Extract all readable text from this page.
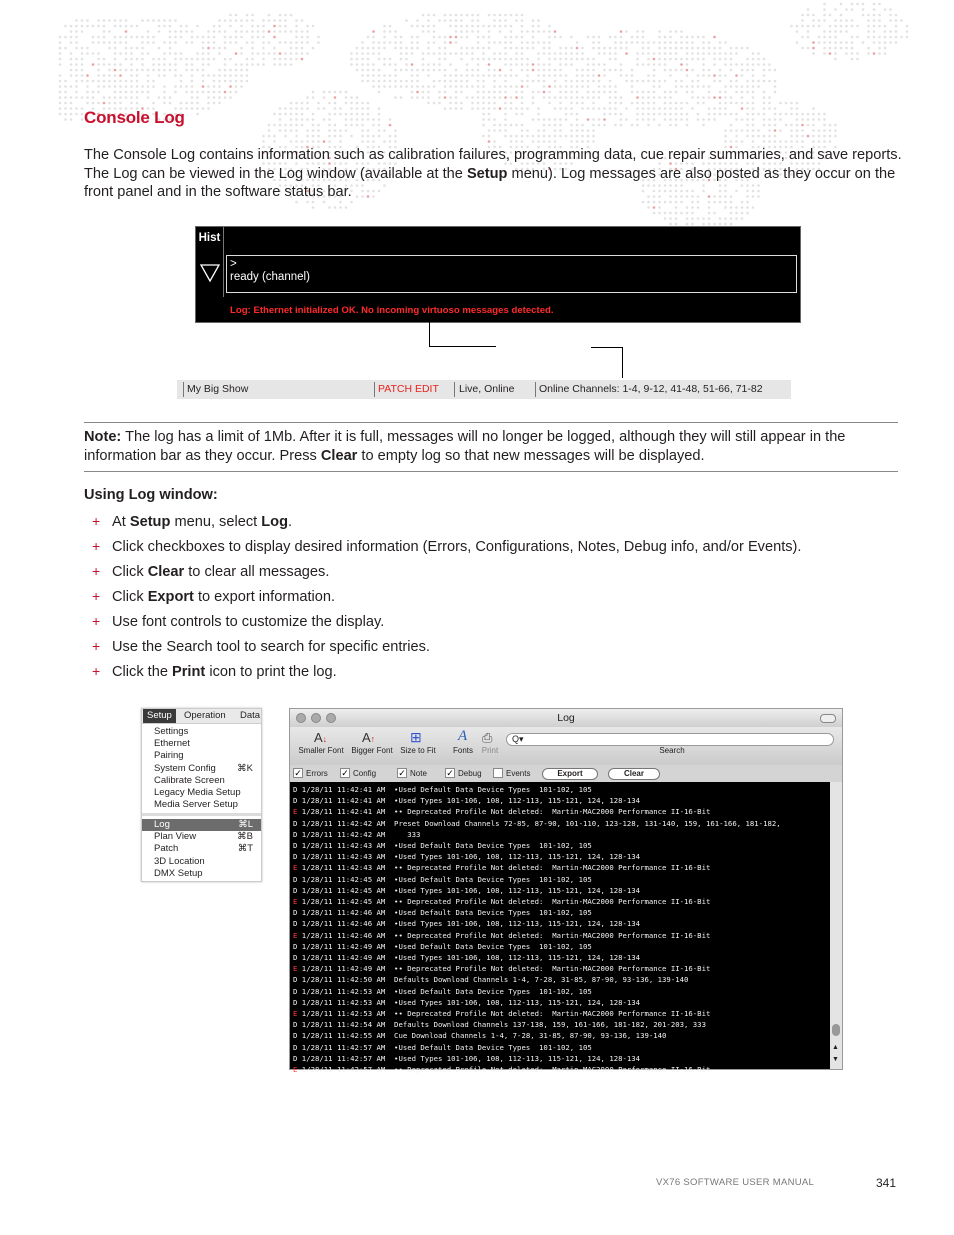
Console Log
The Console Log contains information such as calibration failures, programming data, cue repair summaries, and save reports. The Log can be viewed in the Log window (available at the Setup menu). Log messages are also posted as they occur on the front panel and in the software status bar.
Hist
>
ready (channel)
Log: Ethernet initialized OK. No incoming virtuoso messages detected.
My Big Show	PATCH EDIT Live, Online Online Channels: 1-4, 9-12, 41-48, 51-66, 71-82
Note: The log has a limit of 1Mb. After it is full, messages will no longer be logged, although they will still appear in the information bar as they occur. Press Clear to empty log so that new messages will be displayed.
Using Log window:
+ At Setup menu, select Log.
+ Click checkboxes to display desired information (Errors, Configurations, Notes, Debug info, and/or Events).
+ Click Clear to clear all messages.
+ Click Export to export information.
+ Use font controls to customize the display.
+ Use the Search tool to search for specific entries.
+ Click the Print icon to print the log.
Setup	Operation Data
Settings
Ethernet
Pairing
System Config ⌘K
Calibrate Screen
Legacy Media Setup
Media Server Setup
Log	⌘L
Plan View	⌘B
Patch	⌘T
3D Location
DMX Setup
Log
A↓
Smaller Font
A↑
Bigger Font
⊞
Size to Fit
A
Fonts
⎙
Print
Q▾
Search
Export	Clear
✓ Errors ✓ Config ✓ Note ✓ Debug	Events
D 1/28/11 11:42:41 AM  •Used Default Data Device Types  101-102, 105
D 1/28/11 11:42:41 AM  •Used Types 101-106, 108, 112-113, 115-121, 124, 128-134
E 1/28/11 11:42:41 AM  •• Deprecated Profile Not deleted:  Martin-MAC2000 Performance II-16-Bit
D 1/28/11 11:42:42 AM  Preset Download Channels 72-85, 87-90, 101-110, 123-128, 131-140, 159, 161-166, 181-182,
D 1/28/11 11:42:42 AM     333
D 1/28/11 11:42:43 AM  •Used Default Data Device Types  101-102, 105
D 1/28/11 11:42:43 AM  •Used Types 101-106, 108, 112-113, 115-121, 124, 128-134
E 1/28/11 11:42:43 AM  •• Deprecated Profile Not deleted:  Martin-MAC2000 Performance II-16-Bit
D 1/28/11 11:42:45 AM  •Used Default Data Device Types  101-102, 105
D 1/28/11 11:42:45 AM  •Used Types 101-106, 108, 112-113, 115-121, 124, 128-134
E 1/28/11 11:42:45 AM  •• Deprecated Profile Not deleted:  Martin-MAC2000 Performance II-16-Bit
D 1/28/11 11:42:46 AM  •Used Default Data Device Types  101-102, 105
D 1/28/11 11:42:46 AM  •Used Types 101-106, 108, 112-113, 115-121, 124, 128-134
E 1/28/11 11:42:46 AM  •• Deprecated Profile Not deleted:  Martin-MAC2000 Performance II-16-Bit
D 1/28/11 11:42:49 AM  •Used Default Data Device Types  101-102, 105
D 1/28/11 11:42:49 AM  •Used Types 101-106, 108, 112-113, 115-121, 124, 128-134
E 1/28/11 11:42:49 AM  •• Deprecated Profile Not deleted:  Martin-MAC2000 Performance II-16-Bit
D 1/28/11 11:42:50 AM  Defaults Download Channels 1-4, 7-28, 31-85, 87-90, 93-136, 139-140
D 1/28/11 11:42:53 AM  •Used Default Data Device Types  101-102, 105
D 1/28/11 11:42:53 AM  •Used Types 101-106, 108, 112-113, 115-121, 124, 128-134
E 1/28/11 11:42:53 AM  •• Deprecated Profile Not deleted:  Martin-MAC2000 Performance II-16-Bit
D 1/28/11 11:42:54 AM  Defaults Download Channels 137-138, 159, 161-166, 181-182, 201-203, 333
D 1/28/11 11:42:55 AM  Cue Download Channels 1-4, 7-28, 31-85, 87-90, 93-136, 139-140
D 1/28/11 11:42:57 AM  •Used Default Data Device Types  101-102, 105
D 1/28/11 11:42:57 AM  •Used Types 101-106, 108, 112-113, 115-121, 124, 128-134
E 1/28/11 11:42:57 AM  •• Deprecated Profile Not deleted:  Martin-MAC2000 Performance II-16-Bit
▲
▼
VX76 SOFTWARE USER MANUAL	341
